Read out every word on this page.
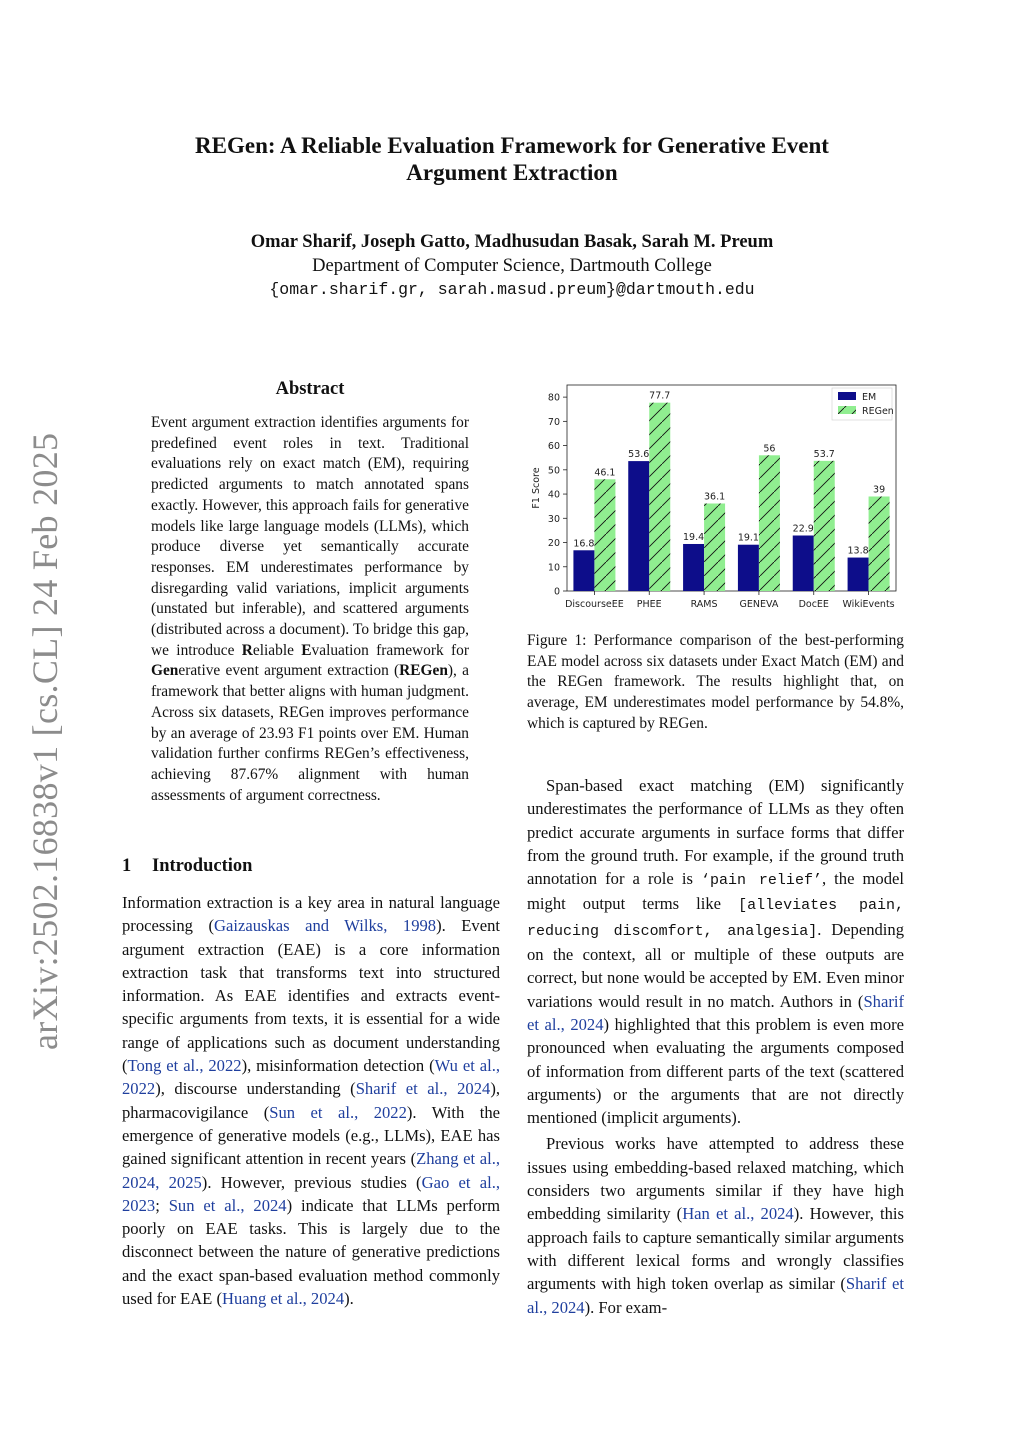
arXiv:2502.16838v1 [cs.CL] 24 Feb 2025
REGen: A Reliable Evaluation Framework for Generative Event
Argument Extraction
Omar Sharif, Joseph Gatto, Madhusudan Basak, Sarah M. Preum
Department of Computer Science, Dartmouth College
{omar.sharif.gr, sarah.masud.preum}@dartmouth.edu
Abstract
Event argument extraction identifies arguments for predefined event roles in text. Traditional evaluations rely on exact match (EM), requiring predicted arguments to match annotated spans exactly. However, this approach fails for generative models like large language models (LLMs), which produce diverse yet semantically accurate responses. EM underestimates performance by disregarding valid variations, implicit arguments (unstated but inferable), and scattered arguments (distributed across a document). To bridge this gap, we introduce Reliable Evaluation framework for Generative event argument extraction (REGen), a framework that better aligns with human judgment. Across six datasets, REGen improves performance by an average of 23.93 F1 points over EM. Human validation further confirms REGen’s effectiveness, achieving 87.67% alignment with human assessments of argument correctness.
1 Introduction
Information extraction is a key area in natural language processing (Gaizauskas and Wilks, 1998). Event argument extraction (EAE) is a core information extraction task that transforms text into structured information. As EAE identifies and extracts event-specific arguments from texts, it is essential for a wide range of applications such as document understanding (Tong et al., 2022), misinformation detection (Wu et al., 2022), discourse understanding (Sharif et al., 2024), pharmacovigilance (Sun et al., 2022). With the emergence of generative models (e.g., LLMs), EAE has gained significant attention in recent years (Zhang et al., 2024, 2025). However, previous studies (Gao et al., 2023; Sun et al., 2024) indicate that LLMs perform poorly on EAE tasks. This is largely due to the disconnect between the nature of generative predictions and the exact span-based evaluation method commonly used for EAE (Huang et al., 2024).
0
10
20
30
40
50
60
70
80
F1 Score
16.8
46.1
DiscourseEE
53.6
77.7
PHEE
19.4
36.1
RAMS
19.1
56
GENEVA
22.9
53.7
DocEE
13.8
39
WikiEvents
EM
REGen
Figure 1: Performance comparison of the best-performing EAE model across six datasets under Exact Match (EM) and the REGen framework. The results highlight that, on average, EM underestimates model performance by 54.8%, which is captured by REGen.

Span-based exact matching (EM) significantly underestimates the performance of LLMs as they often predict accurate arguments in surface forms that differ from the ground truth. For example, if the ground truth annotation for a role is ‘pain relief’, the model might output terms like [alleviates pain, reducing discomfort, analgesia]. Depending on the context, all or multiple of these outputs are correct, but none would be accepted by EM. Even minor variations would result in no match. Authors in (Sharif et al., 2024) highlighted that this problem is even more pronounced when evaluating the arguments composed of information from different parts of the text (scattered arguments) or the arguments that are not directly mentioned (implicit arguments).

Previous works have attempted to address these issues using embedding-based relaxed matching, which considers two arguments similar if they have high embedding similarity (Han et al., 2024). However, this approach fails to capture semantically similar arguments with different lexical forms and wrongly classifies arguments with high token overlap as similar (Sharif et al., 2024). For exam-
